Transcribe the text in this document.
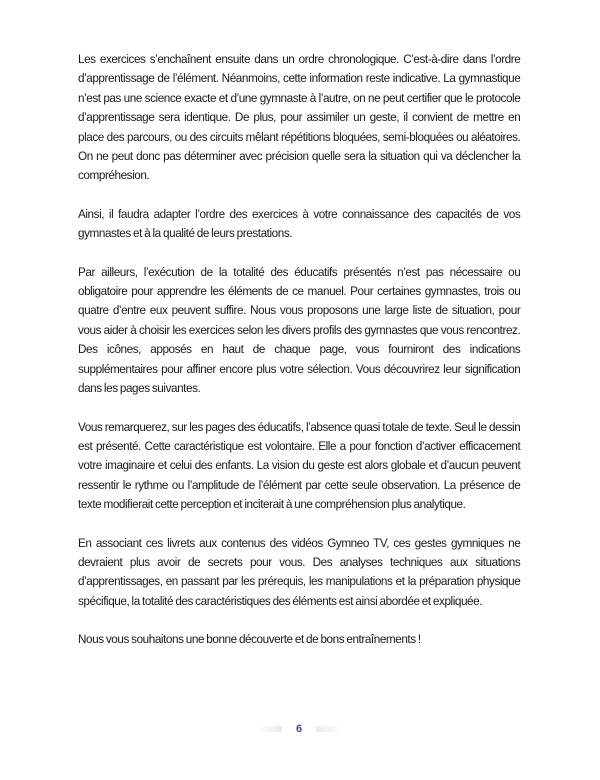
Les exercices s’enchaînent ensuite dans un ordre chronologique. C’est-à-dire dans l’ordre d’apprentissage de l’élément. Néanmoins, cette information reste indicative. La gymnastique n’est pas une science exacte et d’une gymnaste à l’autre, on ne peut certifier que le protocole d’apprentissage sera identique. De plus, pour assimiler un geste, il convient de mettre en place des parcours, ou des circuits mêlant répétitions bloquées, semi-bloquées ou aléatoires. On ne peut donc pas déterminer avec précision quelle sera la situation qui va déclencher la compréhesion.

Ainsi, il faudra adapter l’ordre des exercices à votre connaissance des capacités de vos gymnastes et à la qualité de leurs prestations.

Par ailleurs, l’exécution de la totalité des éducatifs présentés n’est pas nécessaire ou obligatoire pour apprendre les éléments de ce manuel. Pour certaines gymnastes, trois ou quatre d’entre eux peuvent suffire. Nous vous proposons une large liste de situation, pour vous aider à choisir les exercices selon les divers profils des gymnastes que vous rencontrez. Des icônes, apposés en haut de chaque page, vous fourniront des indications supplémentaires pour affiner encore plus votre sélection. Vous découvrirez leur signification dans les pages suivantes.

Vous remarquerez, sur les pages des éducatifs, l’absence quasi totale de texte. Seul le dessin est présenté. Cette caractéristique est volontaire. Elle a pour fonction d’activer efficacement votre imaginaire et celui des enfants. La vision du geste est alors globale et d’aucun peuvent ressentir le rythme ou l’amplitude de l’élément par cette seule observation. La présence de texte modifierait cette perception et inciterait à une compréhension plus analytique.

En associant ces livrets aux contenus des vidéos Gymneo TV, ces gestes gymniques ne devraient plus avoir de secrets pour vous. Des analyses techniques aux situations d’apprentissages, en passant par les prérequis, les manipulations et la préparation physique spécifique, la totalité des caractéristiques des éléments est ainsi abordée et expliquée.

Nous vous souhaitons une bonne découverte et de bons entraînements !

6
